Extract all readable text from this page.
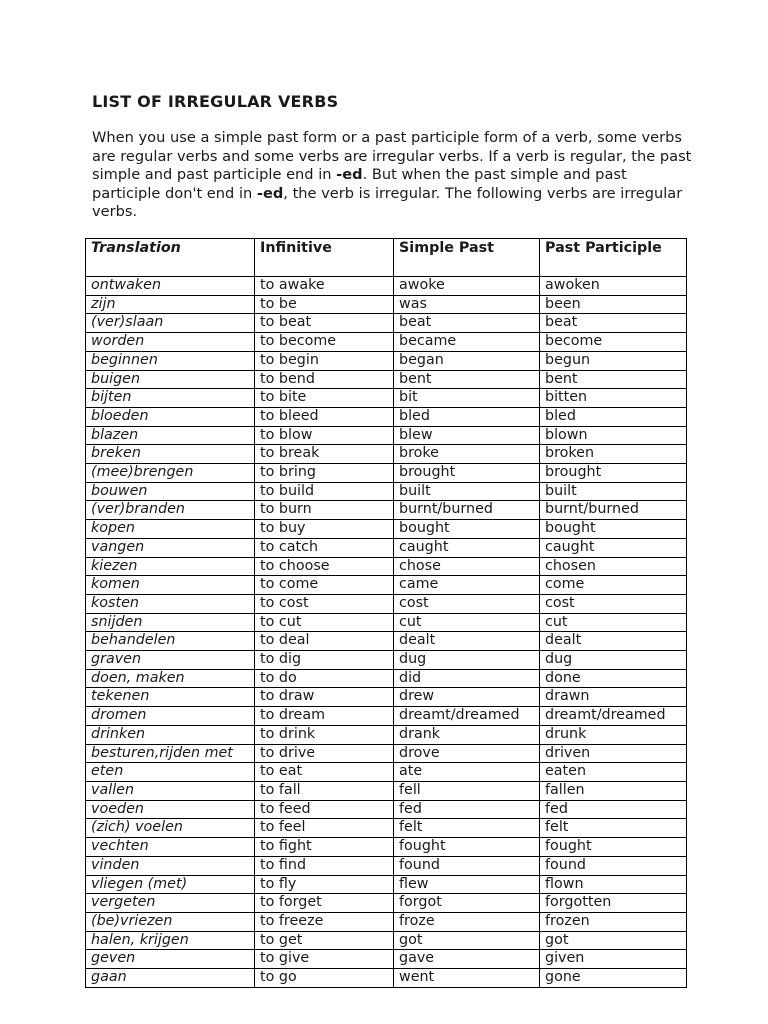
LIST OF IRREGULAR VERBS

When you use a simple past form or a past participle form of a verb, some verbs are regular verbs and some verbs are irregular verbs. If a verb is regular, the past simple and past participle end in -ed. But when the past simple and past participle don't end in -ed, the verb is irregular. The following verbs are irregular verbs.

Translation	Infinitive	Simple Past	Past Participle
ontwaken	to awake	awoke	awoken
zijn	to be	was	been
(ver)slaan	to beat	beat	beat
worden	to become	became	become
beginnen	to begin	began	begun
buigen	to bend	bent	bent
bijten	to bite	bit	bitten
bloeden	to bleed	bled	bled
blazen	to blow	blew	blown
breken	to break	broke	broken
(mee)brengen	to bring	brought	brought
bouwen	to build	built	built
(ver)branden	to burn	burnt/burned	burnt/burned
kopen	to buy	bought	bought
vangen	to catch	caught	caught
kiezen	to choose	chose	chosen
komen	to come	came	come
kosten	to cost	cost	cost
snijden	to cut	cut	cut
behandelen	to deal	dealt	dealt
graven	to dig	dug	dug
doen, maken	to do	did	done
tekenen	to draw	drew	drawn
dromen	to dream	dreamt/dreamed	dreamt/dreamed
drinken	to drink	drank	drunk
besturen,rijden met	to drive	drove	driven
eten	to eat	ate	eaten
vallen	to fall	fell	fallen
voeden	to feed	fed	fed
(zich) voelen	to feel	felt	felt
vechten	to fight	fought	fought
vinden	to find	found	found
vliegen (met)	to fly	flew	flown
vergeten	to forget	forgot	forgotten
(be)vriezen	to freeze	froze	frozen
halen, krijgen	to get	got	got
geven	to give	gave	given
gaan	to go	went	gone
